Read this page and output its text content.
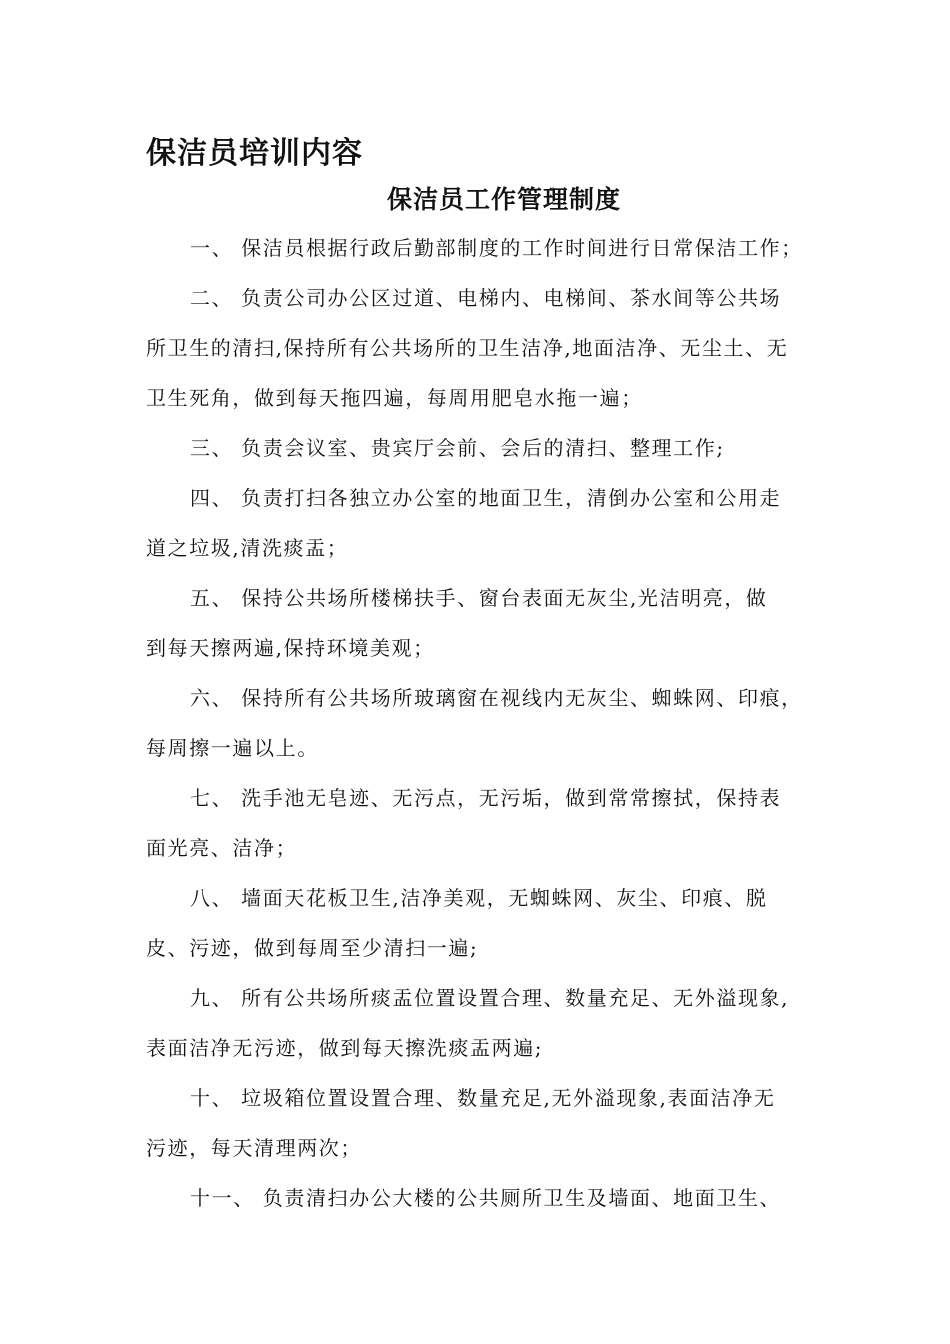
保洁员培训内容
保洁员工作管理制度
一、 保洁员根据行政后勤部制度的工作时间进行日常保洁工作；
二、 负责公司办公区过道、电梯内、电梯间、茶水间等公共场
所卫生的清扫,保持所有公共场所的卫生洁净,地面洁净、无尘土、无
卫生死角，做到每天拖四遍，每周用肥皂水拖一遍；
三、 负责会议室、贵宾厅会前、会后的清扫、整理工作;
四、 负责打扫各独立办公室的地面卫生，清倒办公室和公用走
道之垃圾,清洗痰盂；
五、 保持公共场所楼梯扶手、窗台表面无灰尘,光洁明亮，做
到每天擦两遍,保持环境美观；
六、 保持所有公共场所玻璃窗在视线内无灰尘、蜘蛛网、印痕，
每周擦一遍以上。
七、 洗手池无皂迹、无污点，无污垢，做到常常擦拭，保持表
面光亮、洁净；
八、 墙面天花板卫生,洁净美观，无蜘蛛网、灰尘、印痕、脱
皮、污迹，做到每周至少清扫一遍;
九、 所有公共场所痰盂位置设置合理、数量充足、无外溢现象,
表面洁净无污迹，做到每天擦洗痰盂两遍;
十、 垃圾箱位置设置合理、数量充足,无外溢现象,表面洁净无
污迹，每天清理两次；
十一、 负责清扫办公大楼的公共厕所卫生及墙面、地面卫生、
